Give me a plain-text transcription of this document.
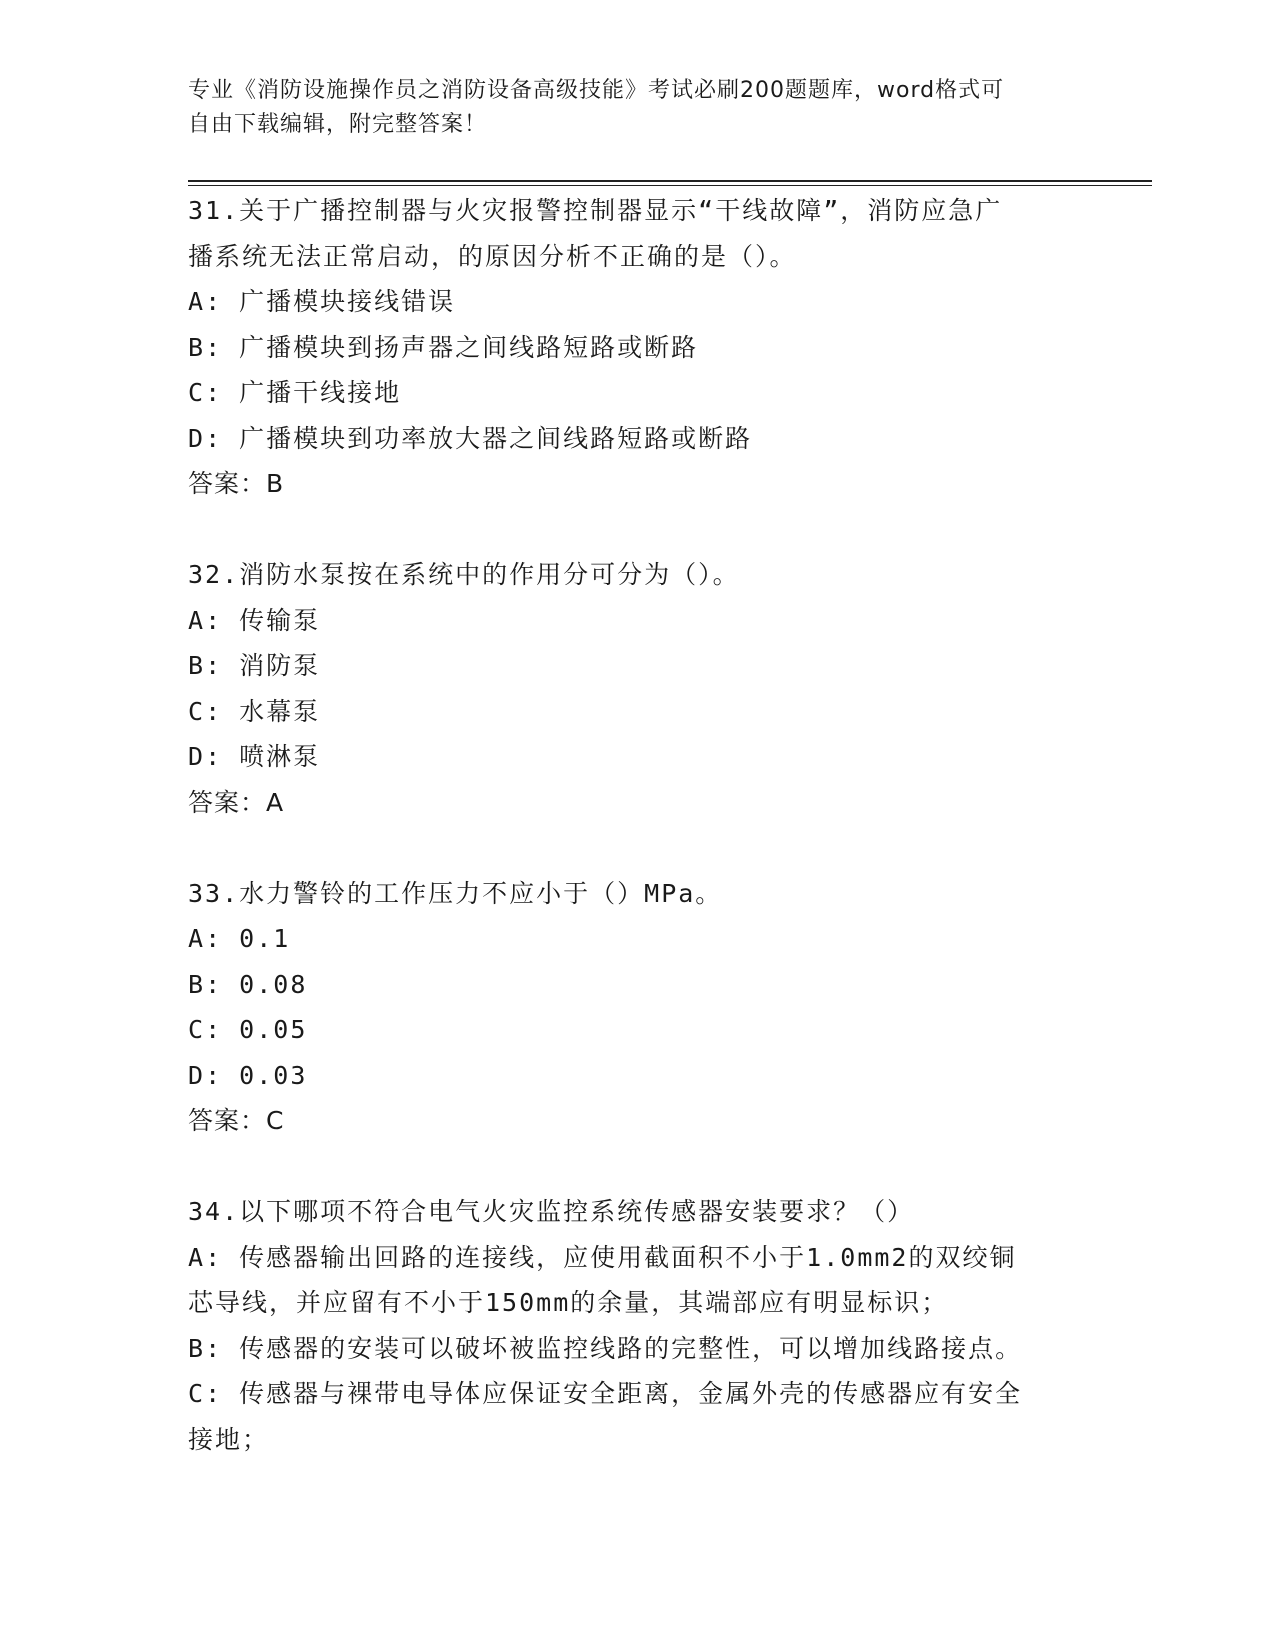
专业《消防设施操作员之消防设备高级技能》考试必刷200题题库，word格式可
自由下载编辑，附完整答案！

31.关于广播控制器与火灾报警控制器显示“干线故障”，消防应急广

播系统无法正常启动，的原因分析不正确的是（）。

A : 广播模块接线错误

B : 广播模块到扬声器之间线路短路或断路

C : 广播干线接地

D : 广播模块到功率放大器之间线路短路或断路

答案：B

32.消防水泵按在系统中的作用分可分为（）。

A : 传输泵

B : 消防泵

C : 水幕泵

D : 喷淋泵

答案：A

33.水力警铃的工作压力不应小于（）MPa。

A : 0.1

B : 0.08

C : 0.05

D : 0.03

答案：C

34.以下哪项不符合电气火灾监控系统传感器安装要求？（）

A : 传感器输出回路的连接线，应使用截面积不小于1.0mm2的双绞铜

芯导线，并应留有不小于150mm的余量，其端部应有明显标识；

B : 传感器的安装可以破坏被监控线路的完整性，可以增加线路接点。

C : 传感器与裸带电导体应保证安全距离，金属外壳的传感器应有安全

接地；
